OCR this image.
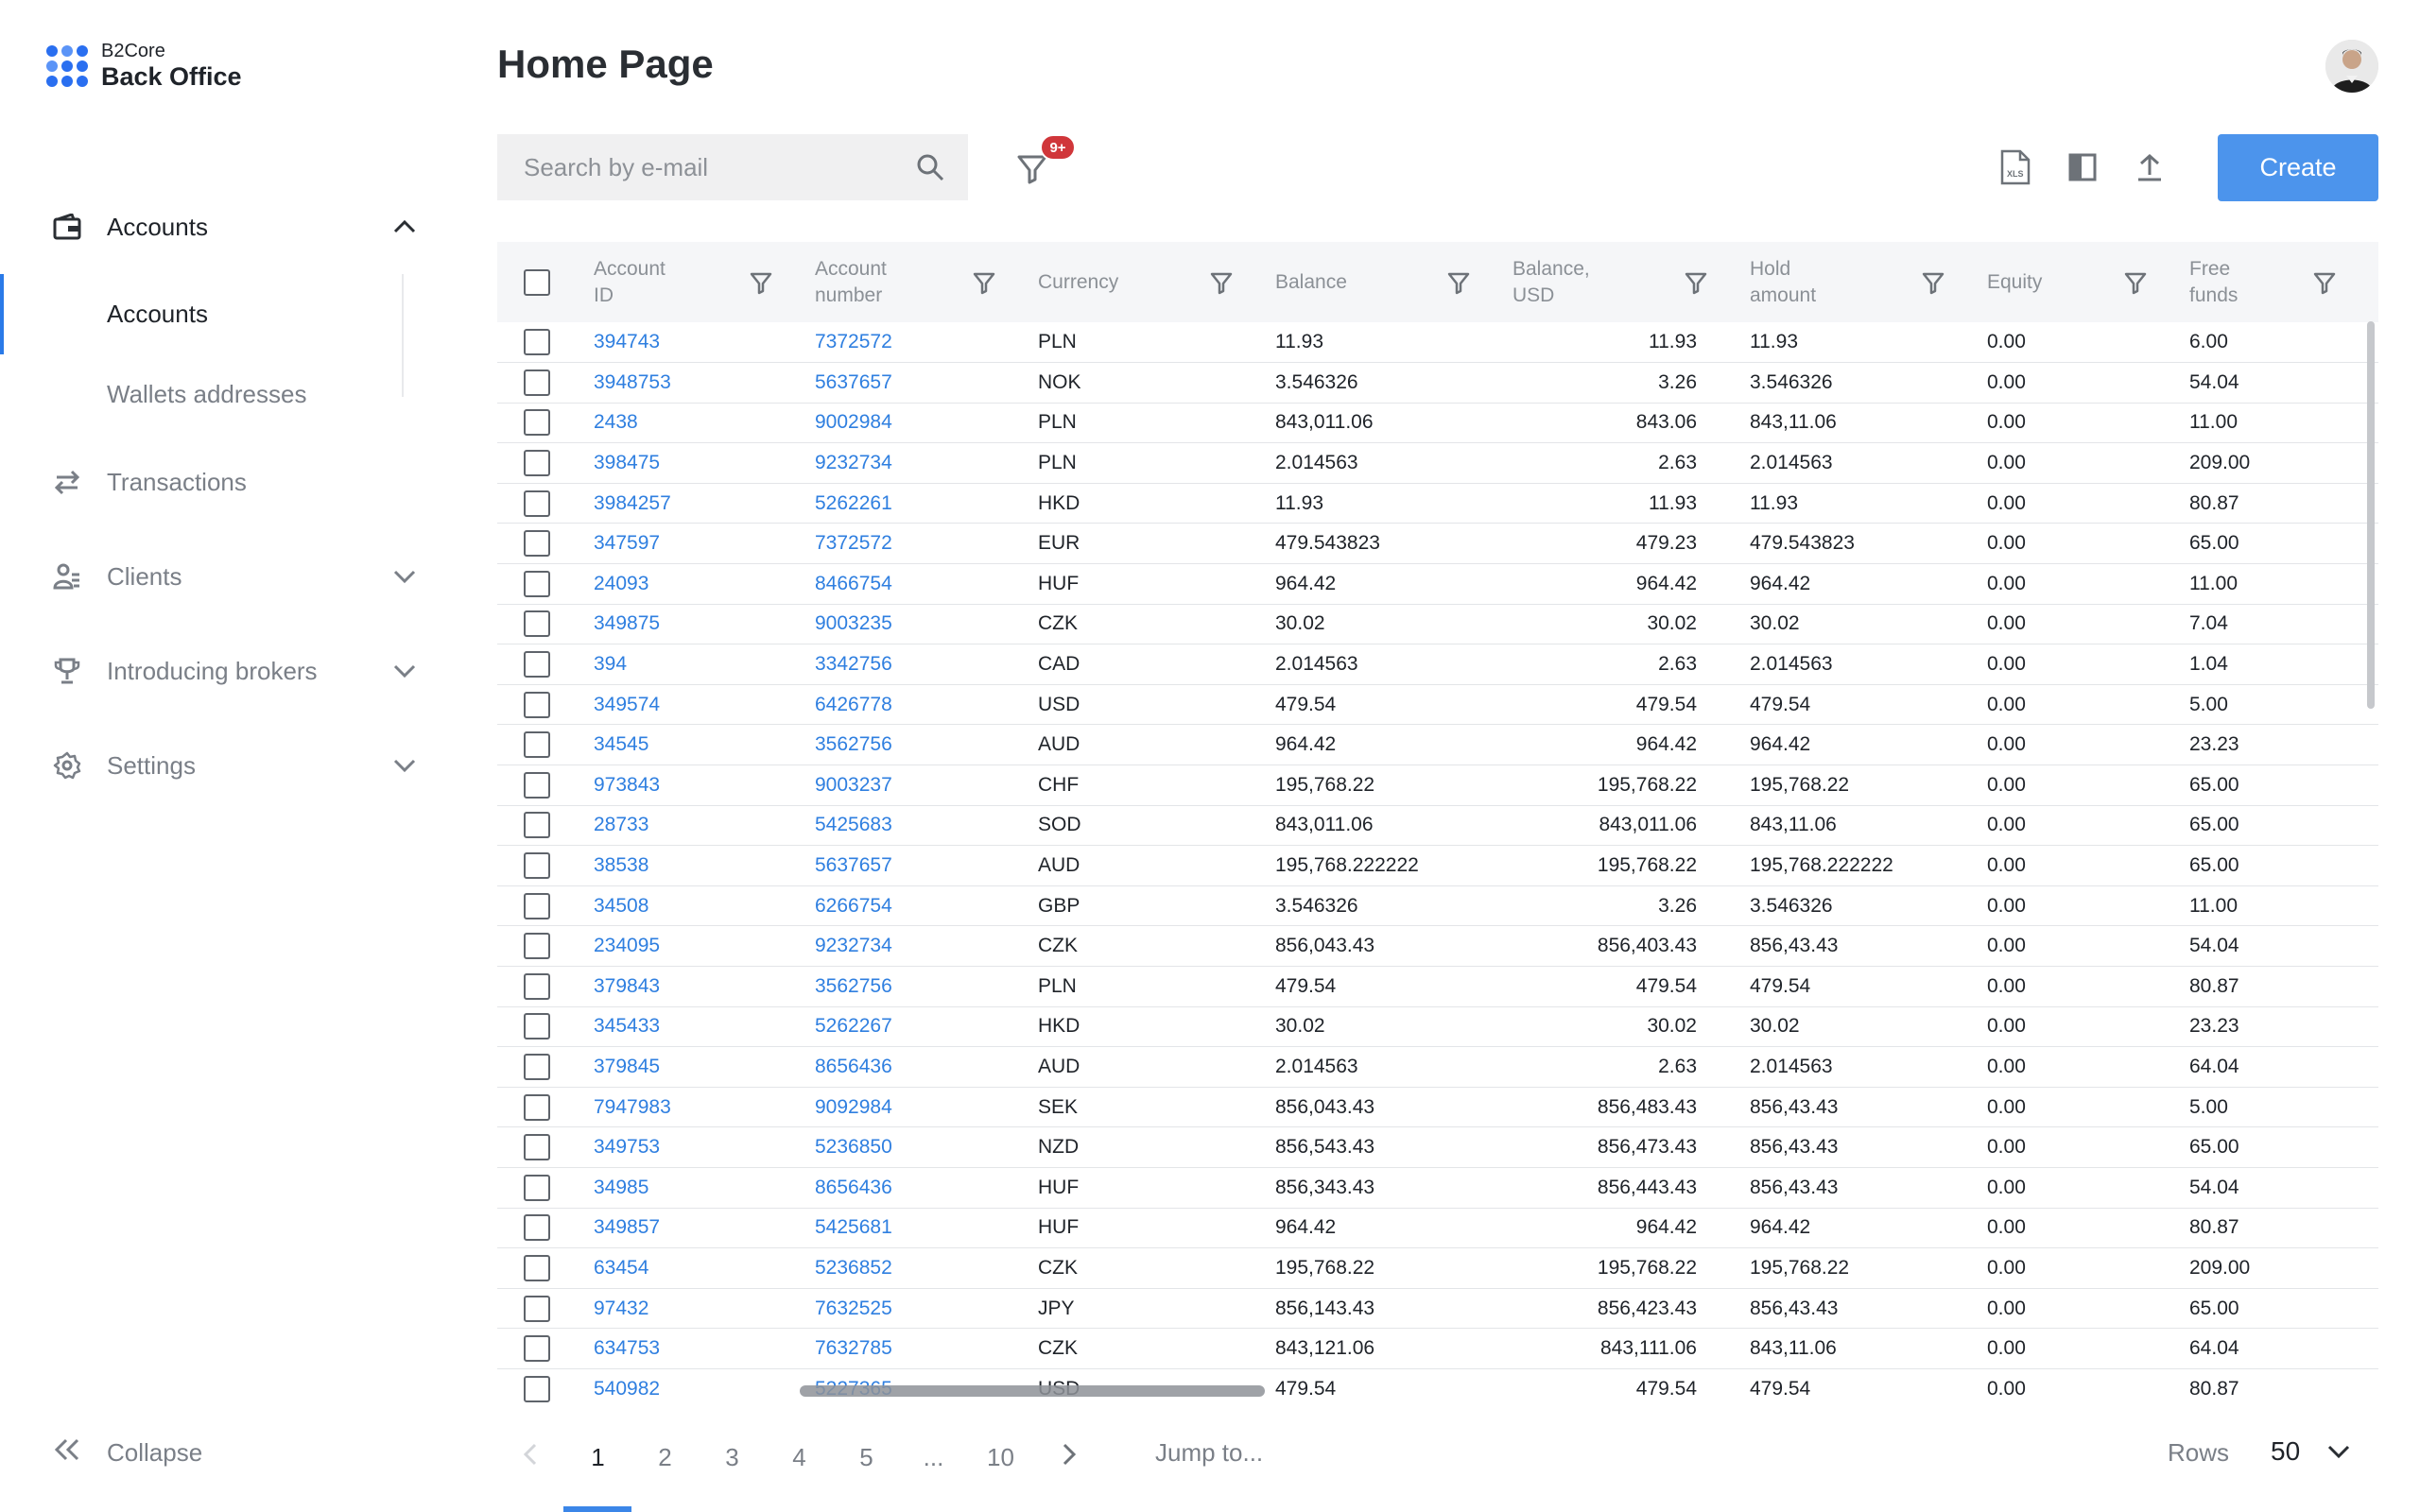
B2Core
Back Office
Accounts
Accounts
Wallets addresses
Transactions
Clients
Introducing brokers
Settings
Collapse
Home Page
Search by e-mail
9+
XLS	Create
	Account ID	Account number	Currency	Balance	Balance, USD	Hold amount	Equity	Free funds

	394743	7372572	PLN	11.93	11.93	11.93	0.00	6.00
	3948753	5637657	NOK	3.546326	3.26	3.546326	0.00	54.04
	2438	9002984	PLN	843,011.06	843.06	843,11.06	0.00	11.00
	398475	9232734	PLN	2.014563	2.63	2.014563	0.00	209.00
	3984257	5262261	HKD	11.93	11.93	11.93	0.00	80.87
	347597	7372572	EUR	479.543823	479.23	479.543823	0.00	65.00
	24093	8466754	HUF	964.42	964.42	964.42	0.00	11.00
	349875	9003235	CZK	30.02	30.02	30.02	0.00	7.04
	394	3342756	CAD	2.014563	2.63	2.014563	0.00	1.04
	349574	6426778	USD	479.54	479.54	479.54	0.00	5.00
	34545	3562756	AUD	964.42	964.42	964.42	0.00	23.23
	973843	9003237	CHF	195,768.22	195,768.22	195,768.22	0.00	65.00
	28733	5425683	SOD	843,011.06	843,011.06	843,11.06	0.00	65.00
	38538	5637657	AUD	195,768.222222	195,768.22	195,768.222222	0.00	65.00
	34508	6266754	GBP	3.546326	3.26	3.546326	0.00	11.00
	234095	9232734	CZK	856,043.43	856,403.43	856,43.43	0.00	54.04
	379843	3562756	PLN	479.54	479.54	479.54	0.00	80.87
	345433	5262267	HKD	30.02	30.02	30.02	0.00	23.23
	379845	8656436	AUD	2.014563	2.63	2.014563	0.00	64.04
	7947983	9092984	SEK	856,043.43	856,483.43	856,43.43	0.00	5.00
	349753	5236850	NZD	856,543.43	856,473.43	856,43.43	0.00	65.00
	34985	8656436	HUF	856,343.43	856,443.43	856,43.43	0.00	54.04
	349857	5425681	HUF	964.42	964.42	964.42	0.00	80.87
	63454	5236852	CZK	195,768.22	195,768.22	195,768.22	0.00	209.00
	97432	7632525	JPY	856,143.43	856,423.43	856,43.43	0.00	65.00
	634753	7632785	CZK	843,121.06	843,111.06	843,11.06	0.00	64.04
	540982			479.54	479.54	479.54	0.00	80.87
1	2	3	4	5	...	10	Jump to...	Rows 50
